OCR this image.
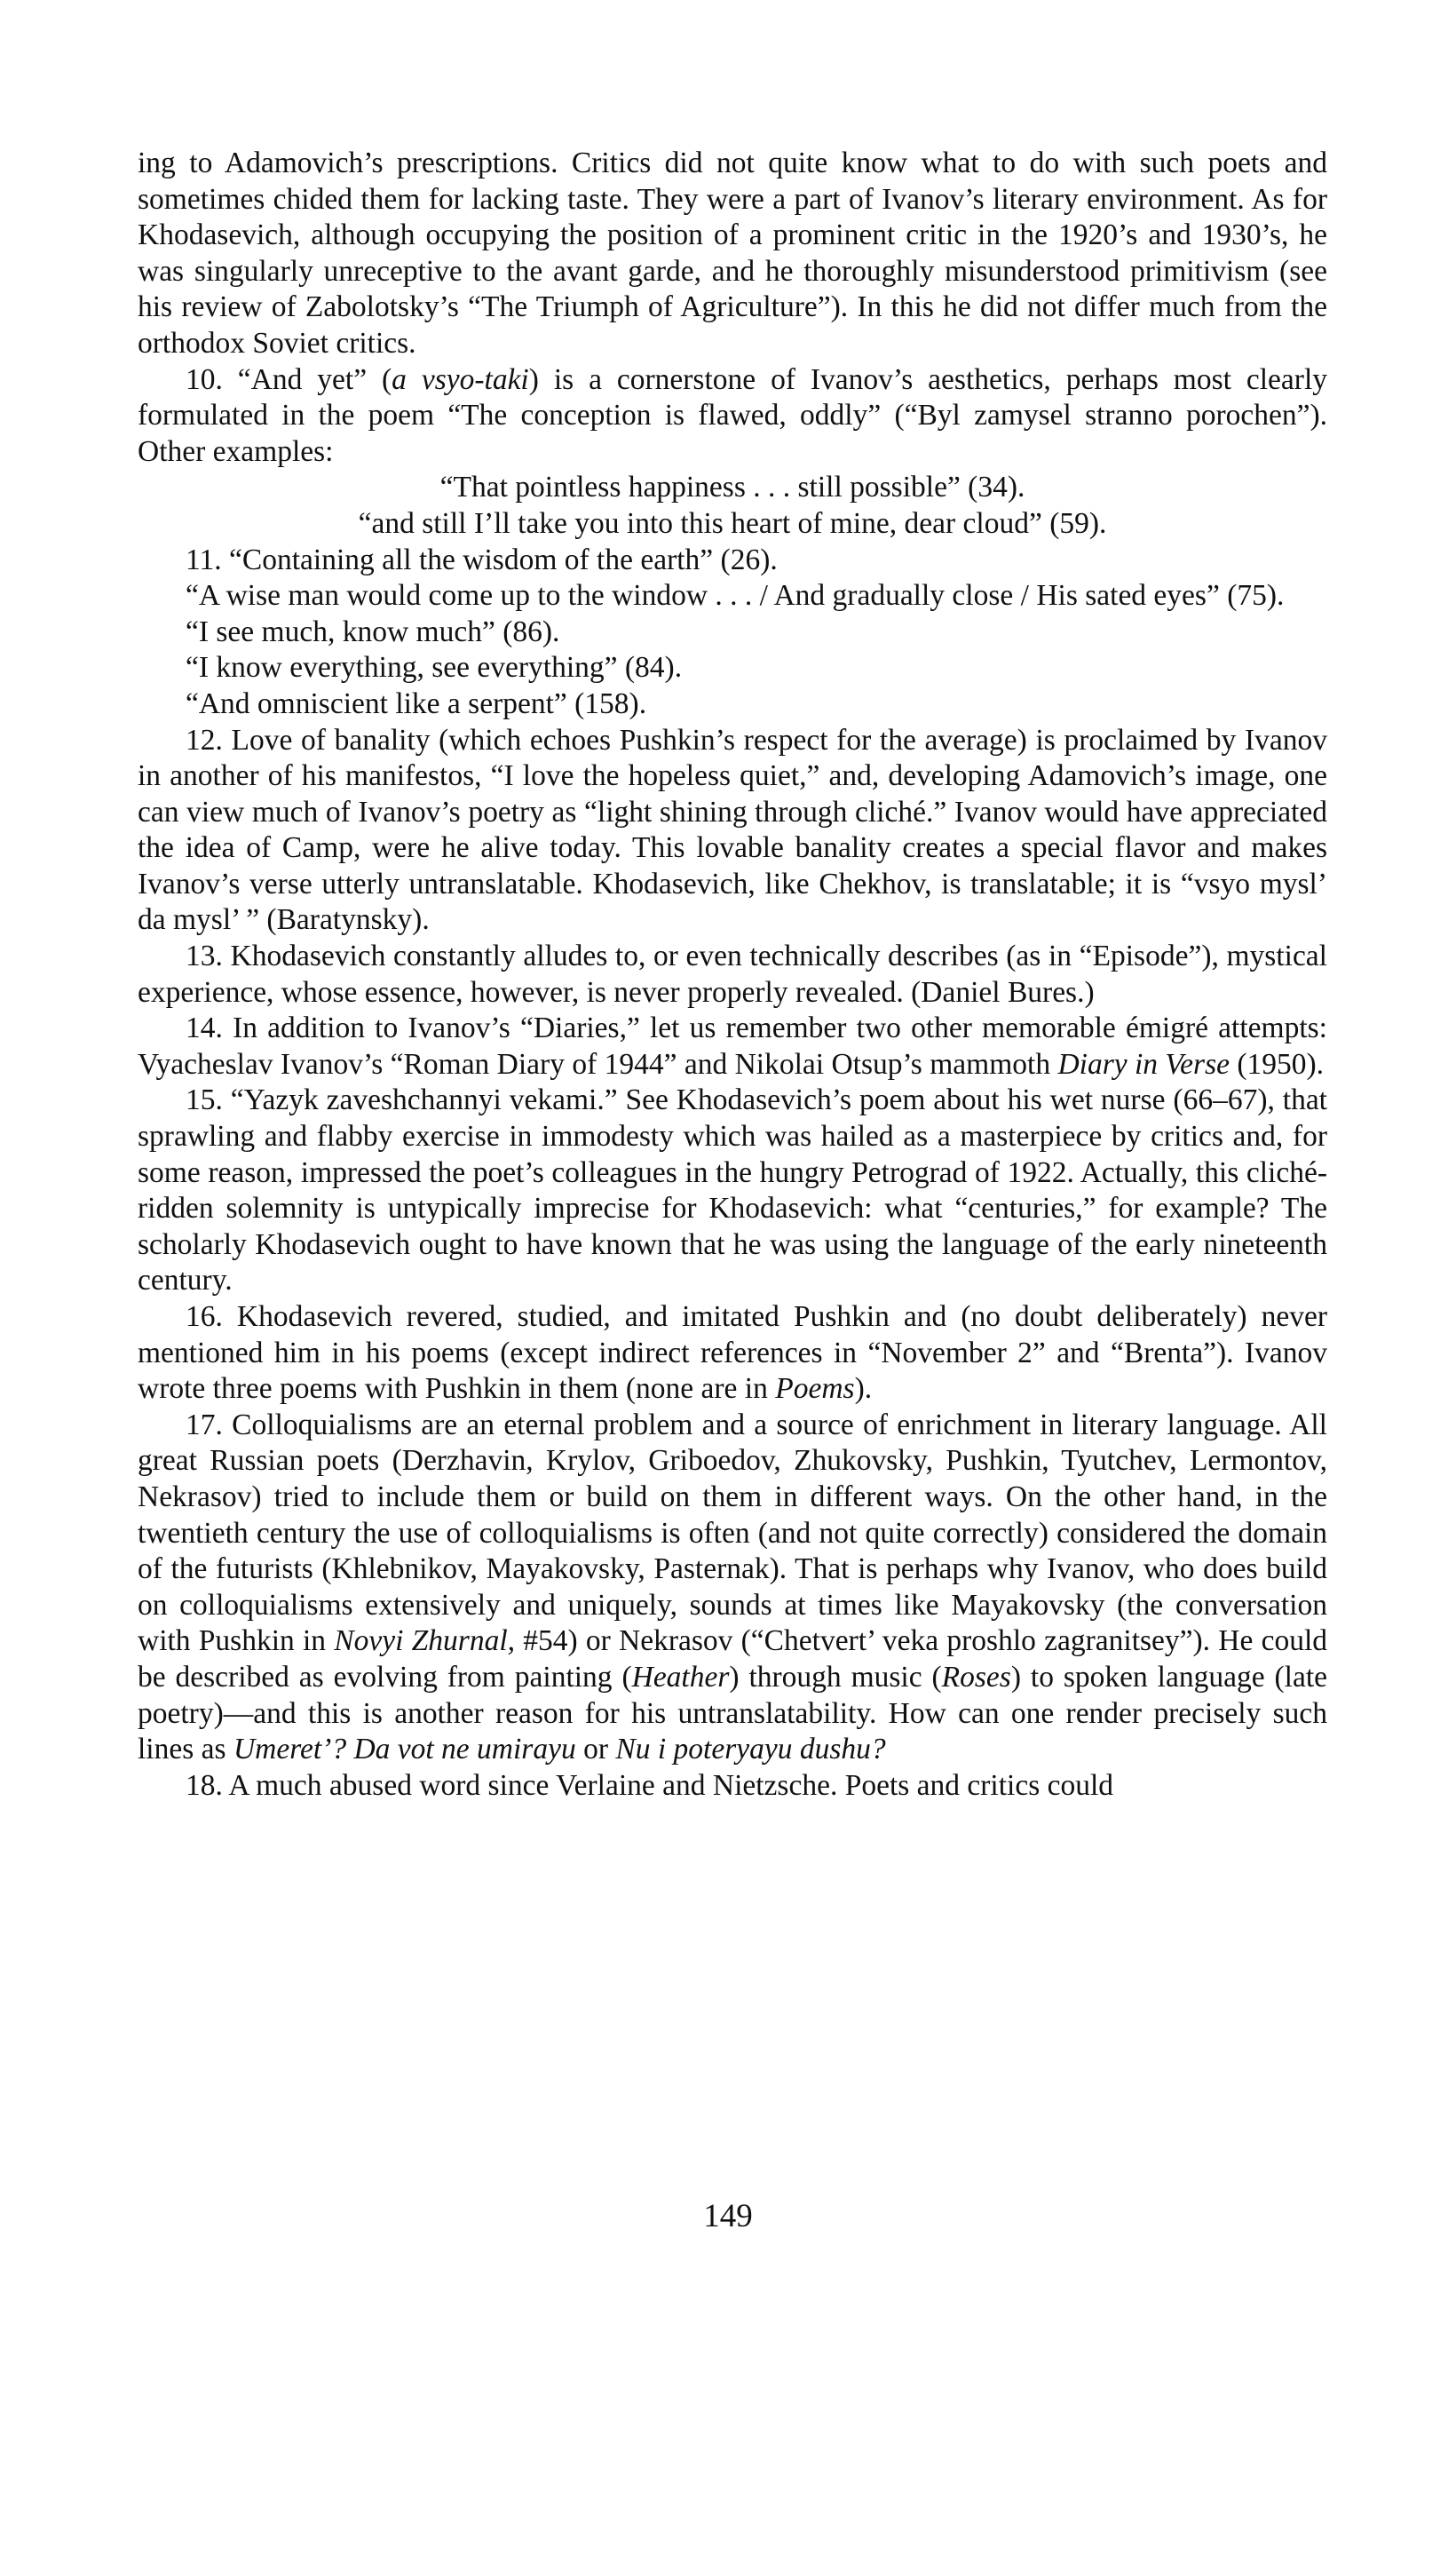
ing to Adamovich’s prescriptions. Critics did not quite know what to do with such poets and sometimes chided them for lacking taste. They were a part of Ivanov’s literary environment. As for Khodasevich, although occupying the position of a prominent critic in the 1920’s and 1930’s, he was singularly unreceptive to the avant garde, and he thoroughly misunderstood primitivism (see his review of Zabolotsky’s “The Triumph of Agriculture”). In this he did not differ much from the orthodox Soviet critics.

10. “And yet” (a vsyo-taki) is a cornerstone of Ivanov’s aesthetics, perhaps most clearly formulated in the poem “The conception is flawed, oddly” (“Byl zamysel stranno porochen”). Other examples:

“That pointless happiness . . . still possible” (34).

“and still I’ll take you into this heart of mine, dear cloud” (59).

11. “Containing all the wisdom of the earth” (26).

“A wise man would come up to the window . . . / And gradually close / His sated eyes” (75).

“I see much, know much” (86).

“I know everything, see everything” (84).

“And omniscient like a serpent” (158).

12. Love of banality (which echoes Pushkin’s respect for the average) is proclaimed by Ivanov in another of his manifestos, “I love the hopeless quiet,” and, developing Adamovich’s image, one can view much of Ivanov’s poetry as “light shining through cliché.” Ivanov would have appreciated the idea of Camp, were he alive today. This lovable banality creates a special flavor and makes Ivanov’s verse utterly untranslatable. Khodasevich, like Chekhov, is translatable; it is “vsyo mysl’ da mysl’ ” (Baratynsky).

13. Khodasevich constantly alludes to, or even technically describes (as in “Episode”), mystical experience, whose essence, however, is never properly revealed. (Daniel Bures.)

14. In addition to Ivanov’s “Diaries,” let us remember two other memorable émigré attempts: Vyacheslav Ivanov’s “Roman Diary of 1944” and Nikolai Otsup’s mammoth Diary in Verse (1950).

15. “Yazyk zaveshchannyi vekami.” See Khodasevich’s poem about his wet nurse (66–67), that sprawling and flabby exercise in immodesty which was hailed as a masterpiece by critics and, for some reason, impressed the poet’s colleagues in the hungry Petrograd of 1922. Actually, this cliché-ridden solemnity is untypically imprecise for Khodasevich: what “centuries,” for example? The scholarly Khodasevich ought to have known that he was using the language of the early nineteenth century.

16. Khodasevich revered, studied, and imitated Pushkin and (no doubt deliberately) never mentioned him in his poems (except indirect references in “November 2” and “Brenta”). Ivanov wrote three poems with Pushkin in them (none are in Poems).

17. Colloquialisms are an eternal problem and a source of enrichment in literary language. All great Russian poets (Derzhavin, Krylov, Griboedov, Zhukovsky, Pushkin, Tyutchev, Lermontov, Nekrasov) tried to include them or build on them in different ways. On the other hand, in the twentieth century the use of colloquialisms is often (and not quite correctly) considered the domain of the futurists (Khlebnikov, Mayakovsky, Pasternak). That is perhaps why Ivanov, who does build on colloquialisms extensively and uniquely, sounds at times like Mayakovsky (the conversation with Pushkin in Novyi Zhurnal, #54) or Nekrasov (“Chetvert’ veka proshlo zagranitsey”). He could be described as evolving from painting (Heather) through music (Roses) to spoken language (late poetry)—and this is another reason for his untranslatability. How can one render precisely such lines as Umeret’? Da vot ne umirayu or Nu i poteryayu dushu?

18. A much abused word since Verlaine and Nietzsche. Poets and critics could

149
